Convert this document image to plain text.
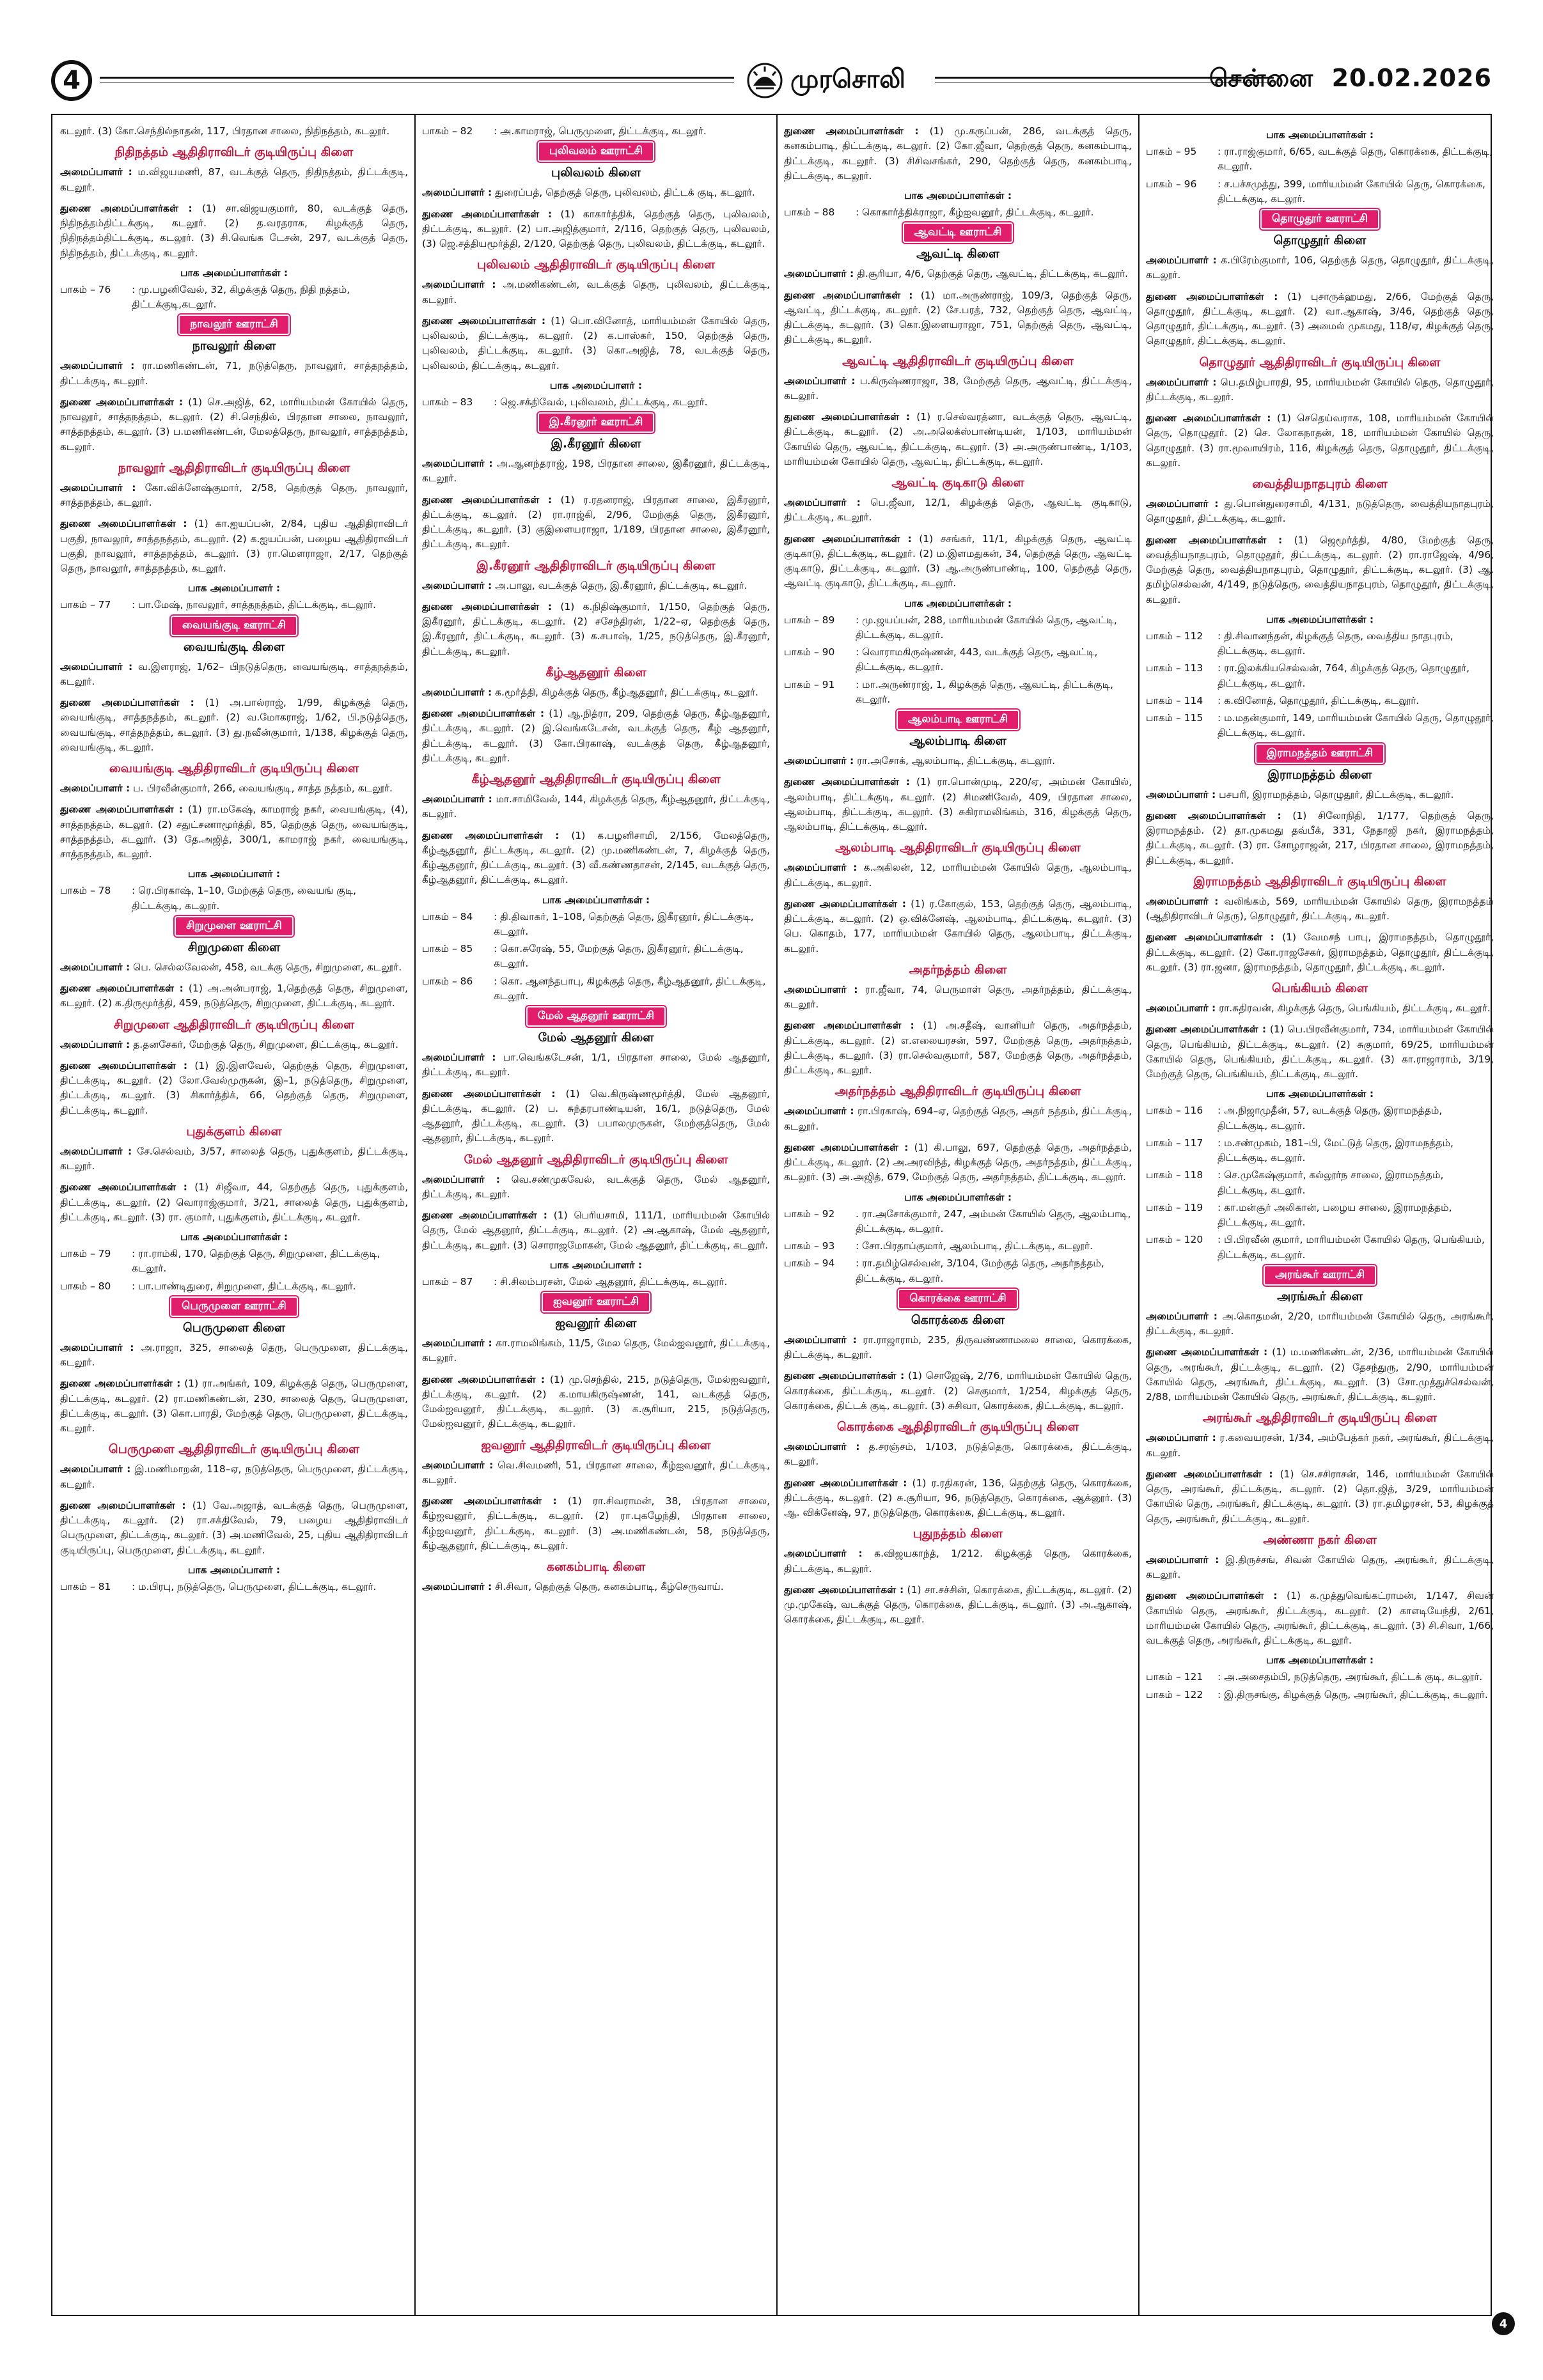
4	முரசொலி	சென்னை 20.02.2026

கடலூர். (3) கோ.செந்தில்நாதன், 117, பிரதான சாலை, நிதிநத்தம், கடலூர்.

நிதிநத்தம் ஆதிதிராவிடர் குடியிருப்பு கிளை

அமைப்பாளர் : ம.விஜயமணி, 87, வடக்குத் தெரு, நிதிநத்தம், திட்டக்குடி, கடலூர்.

துணை அமைப்பாளர்கள் : (1) சா.விஜயகுமார், 80, வடக்குத் தெரு, நிதிநத்தம்திட்டக்குடி, கடலூர். (2) த.வரதராசு, கிழக்குத் தெரு, நிதிநத்தம்திட்டக்குடி, கடலூர். (3) சி.வெங்க டேசன், 297, வடக்குத் தெரு, நிதிநத்தம், திட்டக்குடி, கடலூர்.

பாக அமைப்பாளர்கள் :
பாகம் – 76	: மு.பழனிவேல், 32, கிழக்குத் தெரு, நிதி நத்தம், திட்டக்குடி,கடலூர்.
நாவலூர் ஊராட்சி
நாவலூர் கிளை

அமைப்பாளர் : ரா.மணிகண்டன், 71, நடுத்தெரு, நாவலூர், சாத்தநத்தம், திட்டக்குடி, கடலூர்.

துணை அமைப்பாளர்கள் : (1) செ.அஜித், 62, மாரியம்மன் கோயில் தெரு, நாவலூர், சாத்தநத்தம், கடலூர். (2) சி.செந்தில், பிரதான சாலை, நாவலூர், சாத்தநத்தம், கடலூர். (3) ப.மணிகண்டன், மேலத்தெரு, நாவலூர், சாத்தநத்தம், கடலூர்.

நாவலூர் ஆதிதிராவிடர் குடியிருப்பு கிளை

அமைப்பாளர் : கோ.விக்னேஷ்குமார், 2/58, தெற்குத் தெரு, நாவலூர், சாத்தநத்தம், கடலூர்.

துணை அமைப்பாளர்கள் : (1) கா.ஐயப்பன், 2/84, புதிய ஆதிதிராவிடர் பகுதி, நாவலூர், சாத்தநத்தம், கடலூர். (2) க.ஐயப்பன், பழைய ஆதிதிராவிடர் பகுதி, நாவலூர், சாத்தநத்தம், கடலூர். (3) ரா.மௌராஜா, 2/17, தெற்குத் தெரு, நாவலூர், சாத்தநத்தம், கடலூர்.

பாக அமைப்பாளர் :
பாகம் – 77	: பா.மேஷ், நாவலூர், சாத்தநத்தம், திட்டக்குடி, கடலூர்.
வையங்குடி ஊராட்சி
வையங்குடி கிளை

அமைப்பாளர் : வ.இளராஜ், 1/62– பிநடுத்தெரு, வையங்குடி, சாத்தநத்தம், கடலூர்.

துணை அமைப்பாளர்கள் : (1) அ.பால்ராஜ், 1/99, கிழக்குத் தெரு, வையங்குடி, சாத்தநத்தம், கடலூர். (2) வ.மோகராஜ், 1/62, பி.நடுத்தெரு, வையங்குடி, சாத்தநத்தம், கடலூர். (3) து.நவீன்குமார், 1/138, கிழக்குத் தெரு, வையங்குடி, கடலூர்.

வையங்குடி ஆதிதிராவிடர் குடியிருப்பு கிளை

அமைப்பாளர் : ப. பிரவீன்குமார், 266, வையங்குடி, சாத்த நத்தம், கடலூர்.

துணை அமைப்பாளர்கள் : (1) ரா.மகேஷ், காமராஜ் நகர், வையங்குடி, (4), சாத்தநத்தம், கடலூர். (2) சதுட்சணாமூர்த்தி, 85, தெற்குத் தெரு, வையங்குடி, சாத்தநத்தம், கடலூர். (3) தே.அஜித், 300/1, காமராஜ் நகர், வையங்குடி, சாத்தநத்தம், கடலூர்.

பாக அமைப்பாளர் :
பாகம் – 78	: ரெ.பிரகாஷ், 1–10, மேற்குத் தெரு, வையங் குடி, திட்டக்குடி, கடலூர்.
சிறுமுளை ஊராட்சி
சிறுமுளை கிளை

அமைப்பாளர் : பெ. செல்லவேலன், 458, வடக்கு தெரு, சிறுமுளை, கடலூர்.

துணை அமைப்பாளர்கள் : (1) அ.அன்பராஜ், 1,தெற்குத் தெரு, சிறுமுளை, கடலூர். (2) க.திருமூர்த்தி, 459, நடுத்தெரு, சிறுமுளை, திட்டக்குடி, கடலூர்.

சிறுமுளை ஆதிதிராவிடர் குடியிருப்பு கிளை

அமைப்பாளர் : த.தனசேகர், மேற்குத் தெரு, சிறுமுளை, திட்டக்குடி, கடலூர்.

துணை அமைப்பாளர்கள் : (1) இ.இளவேல், தெற்குத் தெரு, சிறுமுளை, திட்டக்குடி, கடலூர். (2) லோ.வேல்முருகன், இ–1, நடுத்தெரு, சிறுமுளை, திட்டக்குடி, கடலூர். (3) சிகார்த்திக், 66, தெற்குத் தெரு, சிறுமுளை, திட்டக்குடி, கடலூர்.

புதுக்குளம் கிளை

அமைப்பாளர் : சே.செல்வம், 3/57, சாலைத் தெரு, புதுக்குளம், திட்டக்குடி, கடலூர்.

துணை அமைப்பாளர்கள் : (1) சிஜீவா, 44, தெற்குத் தெரு, புதுக்குளம், திட்டக்குடி, கடலூர். (2) வொராஜ்குமார், 3/21, சாலைத் தெரு, புதுக்குளம், திட்டக்குடி, கடலூர். (3) ரா. குமார், புதுக்குளம், திட்டக்குடி, கடலூர்.

பாக அமைப்பாளர்கள் :
பாகம் – 79	: ரா.ராம்கி, 170, தெற்குத் தெரு, சிறுமுளை, திட்டக்குடி, கடலூர்.
பாகம் – 80	: பா.பாண்டிதுரை, சிறுமுளை, திட்டக்குடி, கடலூர்.
பெருமுளை ஊராட்சி
பெருமுளை கிளை

அமைப்பாளர் : அ.ராஜா, 325, சாலைத் தெரு, பெருமுளை, திட்டக்குடி, கடலூர்.

துணை அமைப்பாளர்கள் : (1) ரா.அங்கர், 109, கிழக்குத் தெரு, பெருமுளை, திட்டக்குடி, கடலூர். (2) ரா.மணிகண்டன், 230, சாலைத் தெரு, பெருமுளை, திட்டக்குடி, கடலூர். (3) கொ.பாரதி, மேற்குத் தெரு, பெருமுளை, திட்டக்குடி, கடலூர்.

பெருமுளை ஆதிதிராவிடர் குடியிருப்பு கிளை

அமைப்பாளர் : இ.மணிமாறன், 118–ஏ, நடுத்தெரு, பெருமுளை, திட்டக்குடி, கடலூர்.

துணை அமைப்பாளர்கள் : (1) வே.அஜாத், வடக்குத் தெரு, பெருமுளை, திட்டக்குடி, கடலூர். (2) ரா.சக்திவேல், 79, பழைய ஆதிதிராவிடர் பெருமுளை, திட்டக்குடி, கடலூர். (3) அ.மணிவேல், 25, புதிய ஆதிதிராவிடர் குடியிருப்பு, பெருமுளை, திட்டக்குடி, கடலூர்.

பாக அமைப்பாளர் :
பாகம் – 81	: ம.பிரபு, நடுத்தெரு, பெருமுளை, திட்டக்குடி, கடலூர்.
பாகம் – 82	: அ.காமராஜ், பெருமுளை, திட்டக்குடி, கடலூர்.
புலிவலம் ஊராட்சி
புலிவலம் கிளை

அமைப்பாளர் : துரைப்பத், தெற்குத் தெரு, புலிவலம், திட்டக் குடி, கடலூர்.

துணை அமைப்பாளர்கள் : (1) காகார்த்திக், தெற்குத் தெரு, புலிவலம், திட்டக்குடி, கடலூர். (2) பா.அஜித்குமார், 2/116, தெற்குத் தெரு, புலிவலம், (3) ஜெ.சத்தியமூர்த்தி, 2/120, தெற்குத் தெரு, புலிவலம், திட்டக்குடி, கடலூர்.

புலிவலம் ஆதிதிராவிடர் குடியிருப்பு கிளை

அமைப்பாளர் : அ.மணிகண்டன், வடக்குத் தெரு, புலிவலம், திட்டக்குடி, கடலூர்.

துணை அமைப்பாளர்கள் : (1) பொ.வினோத், மாரியம்மன் கோயில் தெரு, புலிவலம், திட்டக்குடி, கடலூர். (2) க.பாஸ்கர், 150, தெற்குத் தெரு, புலிவலம், திட்டக்குடி, கடலூர். (3) கொ.அஜித், 78, வடக்குத் தெரு, புலிவலம், திட்டக்குடி, கடலூர்.

பாக அமைப்பாளர் :
பாகம் – 83	: ஜெ.சக்திவேல், புலிவலம், திட்டக்குடி, கடலூர்.
இ.கீரனூர் ஊராட்சி
இ.கீரனூர் கிளை

அமைப்பாளர் : அ.ஆனந்தராஜ், 198, பிரதான சாலை, இகீரனூர், திட்டக்குடி, கடலூர்.

துணை அமைப்பாளர்கள் : (1) ர.ரதனராஜ், பிரதான சாலை, இகீரனூர், திட்டக்குடி, கடலூர். (2) ரா.ராஜ்கி, 2/96, மேற்குத் தெரு, இகீரனூர், திட்டக்குடி, கடலூர். (3) குஇளையராஜா, 1/189, பிரதான சாலை, இகீரனூர், திட்டக்குடி, கடலூர்.

இ.கீரனூர் ஆதிதிராவிடர் குடியிருப்பு கிளை

அமைப்பாளர் : அ.பாலு, வடக்குத் தெரு, இ.கீரனூர், திட்டக்குடி, கடலூர்.

துணை அமைப்பாளர்கள் : (1) க.நிதிஷ்குமார், 1/150, தெற்குத் தெரு, இகீரனூர், திட்டக்குடி, கடலூர். (2) சசேந்திரன், 1/22–ஏ, தெற்குத் தெரு, இ.கீரனூர், திட்டக்குடி, கடலூர். (3) க.சபாஷ், 1/25, நடுத்தெரு, இ.கீரனூர், திட்டக்குடி, கடலூர்.

கீழ்ஆதனூர் கிளை

அமைப்பாளர் : க.மூர்த்தி, கிழக்குத் தெரு, கீழ்ஆதனூர், திட்டக்குடி, கடலூர்.

துணை அமைப்பாளர்கள் : (1) ஆ.நித்ரா, 209, தெற்குத் தெரு, கீழ்ஆதனூர், திட்டக்குடி, கடலூர். (2) இ.வெங்கடேசன், வடக்குத் தெரு, கீழ் ஆதனூர், திட்டக்குடி, கடலூர். (3) கோ.பிரகாஷ், வடக்குத் தெரு, கீழ்ஆதனூர், திட்டக்குடி, கடலூர்.

கீழ்ஆதனூர் ஆதிதிராவிடர் குடியிருப்பு கிளை

அமைப்பாளர் : மா.சாமிவேல், 144, கிழக்குத் தெரு, கீழ்ஆதனூர், திட்டக்குடி, கடலூர்.

துணை அமைப்பாளர்கள் : (1) க.பழனிசாமி, 2/156, மேலத்தெரு, கீழ்ஆதனூர், திட்டக்குடி, கடலூர். (2) மு.மணிகண்டன், 7, கிழக்குத் தெரு, கீழ்ஆதனூர், திட்டக்குடி, கடலூர். (3) வீ.கண்ணதாசன், 2/145, வடக்குத் தெரு, கீழ்ஆதனூர், திட்டக்குடி, கடலூர்.

பாக அமைப்பாளர்கள் :
பாகம் – 84	: தி.திவாகர், 1–108, தெற்குத் தெரு, இகீரனூர், திட்டக்குடி, கடலூர்.
பாகம் – 85	: கொ.சுரேஷ், 55, மேற்குத் தெரு, இகீரனூர், திட்டக்குடி, கடலூர்.
பாகம் – 86	: கொ. ஆனந்தபாபு, கிழக்குத் தெரு, கீழ்ஆதனூர், திட்டக்குடி, கடலூர்.
மேல் ஆதனூர் ஊராட்சி
மேல் ஆதனூர் கிளை

அமைப்பாளர் : பா.வெங்கடேசன், 1/1, பிரதான சாலை, மேல் ஆதனூர், திட்டக்குடி, கடலூர்.

துணை அமைப்பாளர்கள் : (1) வெ.கிருஷ்ணமூர்த்தி, மேல் ஆதனூர், திட்டக்குடி, கடலூர். (2) ப. சுந்தரபாண்டியன், 16/1, நடுத்தெரு, மேல் ஆதனூர், திட்டக்குடி, கடலூர். (3) பபாலமுருகன், மேற்குத்தெரு, மேல் ஆதனூர், திட்டக்குடி, கடலூர்.

மேல் ஆதனூர் ஆதிதிராவிடர் குடியிருப்பு கிளை

அமைப்பாளர் : வெ.சண்முகவேல், வடக்குத் தெரு, மேல் ஆதனூர், திட்டக்குடி, கடலூர்.

துணை அமைப்பாளர்கள் : (1) பெரியசாமி, 111/1, மாரியம்மன் கோயில் தெரு, மேல் ஆதனூர், திட்டக்குடி, கடலூர். (2) அ.ஆகாஷ், மேல் ஆதனூர், திட்டக்குடி, கடலூர். (3) சொராஜமோகன், மேல் ஆதனூர், திட்டக்குடி, கடலூர்.

பாக அமைப்பாளர் :
பாகம் – 87	: சி.சிலம்பரசன், மேல் ஆதனூர், திட்டக்குடி, கடலூர்.
ஐவனூர் ஊராட்சி
ஐவனூர் கிளை

அமைப்பாளர் : கா.ராமலிங்கம், 11/5, மேல தெரு, மேல்ஐவனூர், திட்டக்குடி, கடலூர்.

துணை அமைப்பாளர்கள் : (1) மு.செந்தில், 215, நடுத்தெரு, மேல்ஐவனூர், திட்டக்குடி, கடலூர். (2) க.மாயகிருஷ்ணன், 141, வடக்குத் தெரு, மேல்ஐவனூர், திட்டக்குடி, கடலூர். (3) க.சூரியா, 215, நடுத்தெரு, மேல்ஐவனூர், திட்டக்குடி, கடலூர்.

ஐவனூர் ஆதிதிராவிடர் குடியிருப்பு கிளை

அமைப்பாளர் : வெ.சிவமணி, 51, பிரதான சாலை, கீழ்ஐவனூர், திட்டக்குடி, கடலூர்.

துணை அமைப்பாளர்கள் : (1) ரா.சிவராமன், 38, பிரதான சாலை, கீழ்ஐவனூர், திட்டக்குடி, கடலூர். (2) ரா.புகழேந்தி, பிரதான சாலை, கீழ்ஐவனூர், திட்டக்குடி, கடலூர். (3) அ.மணிகண்டன், 58, நடுத்தெரு, கீழ்ஆதனூர், திட்டக்குடி, கடலூர்.

கனகம்பாடி கிளை

அமைப்பாளர் : சி.சிவா, தெற்குத் தெரு, கனகம்பாடி, கீழ்செருவாய்.

துணை அமைப்பாளர்கள் : (1) மு.கருப்பன், 286, வடக்குத் தெரு, கனகம்பாடி, திட்டக்குடி, கடலூர். (2) கோ.ஜீவா, தெற்குத் தெரு, கனகம்பாடி, திட்டக்குடி, கடலூர். (3) சிசிவசங்கர், 290, தெற்குத் தெரு, கனகம்பாடி, திட்டக்குடி, கடலூர்.

பாக அமைப்பாளர்கள் :
பாகம் – 88	: கொகார்த்திக்ராஜா, கீழ்ஐவனூர், திட்டக்குடி, கடலூர்.
ஆவட்டி ஊராட்சி
ஆவட்டி கிளை

அமைப்பாளர் : தி.சூரியா, 4/6, தெற்குத் தெரு, ஆவட்டி, திட்டக்குடி, கடலூர்.

துணை அமைப்பாளர்கள் : (1) மா.அருண்ராஜ், 109/3, தெற்குத் தெரு, ஆவட்டி, திட்டக்குடி, கடலூர். (2) சே.பரத், 732, தெற்குத் தெரு, ஆவட்டி, திட்டக்குடி, கடலூர். (3) கொ.இளையராஜா, 751, தெற்குத் தெரு, ஆவட்டி, திட்டக்குடி, கடலூர்.

ஆவட்டி ஆதிதிராவிடர் குடியிருப்பு கிளை

அமைப்பாளர் : ப.கிருஷ்ணராஜா, 38, மேற்குத் தெரு, ஆவட்டி, திட்டக்குடி, கடலூர்.

துணை அமைப்பாளர்கள் : (1) ர.செல்வரத்னா, வடக்குத் தெரு, ஆவட்டி, திட்டக்குடி, கடலூர். (2) அ.அலெக்ஸ்பாண்டியன், 1/103, மாரியம்மன் கோயில் தெரு, ஆவட்டி, திட்டக்குடி, கடலூர். (3) அ.அருண்பாண்டி, 1/103, மாரியம்மன் கோயில் தெரு, ஆவட்டி, திட்டக்குடி, கடலூர்.

ஆவட்டி குடிகாடு கிளை

அமைப்பாளர் : பெ.ஜீவா, 12/1, கிழக்குத் தெரு, ஆவட்டி குடிகாடு, திட்டக்குடி, கடலூர்.

துணை அமைப்பாளர்கள் : (1) சசங்கர், 11/1, கிழக்குத் தெரு, ஆவட்டி குடிகாடு, திட்டக்குடி, கடலூர். (2) ம.இளமதுகன், 34, தெற்குத் தெரு, ஆவட்டி குடிகாடு, திட்டக்குடி, கடலூர். (3) ஆ.அருண்பாண்டி, 100, தெற்குத் தெரு, ஆவட்டி குடிகாடு, திட்டக்குடி, கடலூர்.

பாக அமைப்பாளர்கள் :
பாகம் – 89	: மு.ஜயப்பன், 288, மாரியம்மன் கோயில் தெரு, ஆவட்டி, திட்டக்குடி, கடலூர்.
பாகம் – 90	: வொராமகிருஷ்ணன், 443, வடக்குத் தெரு, ஆவட்டி, திட்டக்குடி, கடலூர்.
பாகம் – 91	: மா.அருண்ராஜ், 1, கிழக்குத் தெரு, ஆவட்டி, திட்டக்குடி, கடலூர்.
ஆலம்பாடி ஊராட்சி
ஆலம்பாடி கிளை

அமைப்பாளர் : ரா.அசோக், ஆலம்பாடி, திட்டக்குடி, கடலூர்.

துணை அமைப்பாளர்கள் : (1) ரா.பொன்முடி, 220/ஏ, அம்மன் கோயில், ஆலம்பாடி, திட்டக்குடி, கடலூர். (2) சிமணிவேல், 409, பிரதான சாலை, ஆலம்பாடி, திட்டக்குடி, கடலூர். (3) சுகிராமலிங்கம், 316, கிழக்குத் தெரு, ஆலம்பாடி, திட்டக்குடி, கடலூர்.

ஆலம்பாடி ஆதிதிராவிடர் குடியிருப்பு கிளை

அமைப்பாளர் : க.அகிலன், 12, மாரியம்மன் கோயில் தெரு, ஆலம்பாடி, திட்டக்குடி, கடலூர்.

துணை அமைப்பாளர்கள் : (1) ர.கோகுல், 153, தெற்குத் தெரு, ஆலம்பாடி, திட்டக்குடி, கடலூர். (2) ஒ.விக்னேஷ், ஆலம்பாடி, திட்டக்குடி, கடலூர். (3) பெ. கொதம், 177, மாரியம்மன் கோயில் தெரு, ஆலம்பாடி, திட்டக்குடி, கடலூர்.

அதர்நத்தம் கிளை

அமைப்பாளர் : ரா.ஜீவா, 74, பெருமாள் தெரு, அதர்நத்தம், திட்டக்குடி, கடலூர்.

துணை அமைப்பாளர்கள் : (1) அ.சதீஷ், வானியர் தெரு, அதர்நத்தம், திட்டக்குடி, கடலூர். (2) எ.எலையரசன், 597, மேற்குத் தெரு, அதர்நத்தம், திட்டக்குடி, கடலூர். (3) ரா.செல்வகுமார், 587, மேற்குத் தெரு, அதர்நத்தம், திட்டக்குடி, கடலூர்.

அதர்நத்தம் ஆதிதிராவிடர் குடியிருப்பு கிளை

அமைப்பாளர் : ரா.பிரகாஷ், 694–ஏ, தெற்குத் தெரு, அதர் நத்தம், திட்டக்குடி, கடலூர்.

துணை அமைப்பாளர்கள் : (1) கி.பாலு, 697, தெற்குத் தெரு, அதர்நத்தம், திட்டக்குடி, கடலூர். (2) அ.அரவிந்த், கிழக்குத் தெரு, அதர்நத்தம், திட்டக்குடி, கடலூர். (3) அ.அஜித், 679, மேற்குத் தெரு, அதர்நத்தம், திட்டக்குடி, கடலூர்.

பாக அமைப்பாளர்கள் :
பாகம் – 92	. ரா.அசோக்குமார், 247, அம்மன் கோயில் தெரு, ஆலம்பாடி, திட்டக்குடி, கடலூர்.
பாகம் – 93	: சோ.பிரதாப்குமார், ஆலம்பாடி, திட்டக்குடி, கடலூர்.
பாகம் – 94	: ரா.தமிழ்செல்வன், 3/104, மேற்குத் தெரு, அதர்நத்தம், திட்டக்குடி, கடலூர்.
கொரக்கை ஊராட்சி
கொரக்கை கிளை

அமைப்பாளர் : ரா.ராஜாராம், 235, திருவண்ணாமலை சாலை, கொரக்கை, திட்டக்குடி, கடலூர்.

துணை அமைப்பாளர்கள் : (1) சொஜேஷ், 2/76, மாரியம்மன் கோயில் தெரு, கொரக்கை, திட்டக்குடி, கடலூர். (2) செகுமார், 1/254, கிழக்குத் தெரு, கொரக்கை, திட்டக் குடி, கடலூர். (3) சுசிவா, கொரக்கை, திட்டக்குடி, கடலூர்.

கொரக்கை ஆதிதிராவிடர் குடியிருப்பு கிளை

அமைப்பாளர் : த.சரஞ்சம், 1/103, நடுத்தெரு, கொரக்கை, திட்டக்குடி, கடலூர்.

துணை அமைப்பாளர்கள் : (1) ர.ரதிகரன், 136, தெற்குத் தெரு, கொரக்கை, திட்டக்குடி, கடலூர். (2) சு.சூரியா, 96, நடுத்தெரு, கொரக்கை, ஆக்னூர். (3) ஆ. விக்னேஷ், 97, நடுத்தெரு, கொரக்கை, திட்டக்குடி, கடலூர்.

புதுநத்தம் கிளை

அமைப்பாளர் : க.விஜயகாந்த், 1/212. கிழக்குத் தெரு, கொரக்கை, திட்டக்குடி, கடலூர்.

துணை அமைப்பாளர்கள் : (1) சா.சச்சின், கொரக்கை, திட்டக்குடி, கடலூர். (2) மு.முகேஷ், வடக்குத் தெரு, கொரக்கை, திட்டக்குடி, கடலூர். (3) அ.ஆகாஷ், கொரக்கை, திட்டக்குடி, கடலூர்.

பாக அமைப்பாளர்கள் :
பாகம் – 95	: ரா.ராஜ்குமார், 6/65, வடக்குத் தெரு, கொரக்கை, திட்டக்குடி, கடலூர்.
பாகம் – 96	: ச.பச்சமுத்து, 399, மாரியம்மன் கோயில் தெரு, கொரக்கை, திட்டக்குடி, கடலூர்.
தொழுதூர் ஊராட்சி
தொழுதூர் கிளை

அமைப்பாளர் : க.பிரேம்குமார், 106, தெற்குத் தெரு, தொழுதூர், திட்டக்குடி, கடலூர்.

துணை அமைப்பாளர்கள் : (1) புசாருக்ஹமது, 2/66, மேற்குத் தெரு, தொழுதூர், திட்டக்குடி, கடலூர். (2) வா.ஆகாஷ், 3/46, தெற்குத் தெரு, தொழுதூர், திட்டக்குடி, கடலூர். (3) அமைல் முகமது, 118/ஏ, கிழக்குத் தெரு, தொழுதூர், திட்டக்குடி, கடலூர்.

தொழுதூர் ஆதிதிராவிடர் குடியிருப்பு கிளை

அமைப்பாளர் : பெ.தமிழ்பாரதி, 95, மாரியம்மன் கோயில் தெரு, தொழுதூர், திட்டக்குடி, கடலூர்.

துணை அமைப்பாளர்கள் : (1) செதெய்வராக, 108, மாரியம்மன் கோயில் தெரு, தொழுதூர். (2) செ. லோகநாதன், 18, மாரியம்மன் கோயில் தெரு, தொழுதூர். (3) ரா.மூவாயிரம், 116, கிழக்குத் தெரு, தொழுதூர், திட்டக்குடி, கடலூர்.

வைத்தியநாதபுரம் கிளை

அமைப்பாளர் : து.பொன்துரைசாமி, 4/131, நடுத்தெரு, வைத்தியநாதபுரம், தொழுதூர், திட்டக்குடி, கடலூர்.

துணை அமைப்பாளர்கள் : (1) ஜெமூர்த்தி, 4/80, மேற்குத் தெரு, வைத்தியநாதபுரம், தொழுதூர், திட்டக்குடி, கடலூர். (2) ரா.ராஜேஷ், 4/96, மேற்குத் தெரு, வைத்தியநாதபுரம், தொழுதூர், திட்டக்குடி, கடலூர். (3) ஆ. தமிழ்செல்வன், 4/149, நடுத்தெரு, வைத்தியநாதபுரம், தொழுதூர், திட்டக்குடி, கடலூர்.

பாக அமைப்பாளர்கள் :
பாகம் – 112	: தி.சிவானந்தன், கிழக்குத் தெரு, வைத்திய நாதபுரம், திட்டக்குடி, கடலூர்.
பாகம் – 113	: ரா.இலக்கியசெல்வன், 764, கிழக்குத் தெரு, தொழுதூர், திட்டக்குடி, கடலூர்.
பாகம் – 114	: க.வினோத், தொழுதூர், திட்டக்குடி, கடலூர்.
பாகம் – 115	: ம.மதன்குமார், 149, மாரியம்மன் கோயில் தெரு, தொழுதூர், திட்டக்குடி, கடலூர்.
இராமநத்தம் ஊராட்சி
இராமநத்தம் கிளை

அமைப்பாளர் : பசபரி, இராமநத்தம், தொழுதூர், திட்டக்குடி, கடலூர்.

துணை அமைப்பாளர்கள் : (1) சிலோநிதி, 1/177, தெற்குத் தெரு, இராமநத்தம். (2) தா.முகமது தவ்பீக், 331, நேதாஜி நகர், இராமநத்தம், திட்டக்குடி, கடலூர். (3) ரா. சோழராஜன், 217, பிரதான சாலை, இராமநத்தம், திட்டக்குடி, கடலூர்.

இராமநத்தம் ஆதிதிராவிடர் குடியிருப்பு கிளை

அமைப்பாளர் : வலிங்கம், 569, மாரியம்மன் கோயில் தெரு, இராமநத்தம் (ஆதிதிராவிடர் தெரு), தொழுதூர், திட்டக்குடி, கடலூர்.

துணை அமைப்பாளர்கள் : (1) வேமசந் பாபு, இராமநத்தம், தொழுதூர், திட்டக்குடி, கடலூர். (2) கோ.ராஜசேகர், இராமநத்தம், தொழுதூர், திட்டக்குடி, கடலூர். (3) ரா.ஜனா, இராமநத்தம், தொழுதூர், திட்டக்குடி, கடலூர்.

பெங்கியம் கிளை

அமைப்பாளர் : ரா.சுதிரவன், கிழக்குத் தெரு, பெங்கியம், திட்டக்குடி, கடலூர்.

துணை அமைப்பாளர்கள் : (1) பெ.பிரவீன்குமார், 734, மாரியம்மன் கோயில் தெரு, பெங்கியம், திட்டக்குடி, கடலூர். (2) சுகுமார், 69/25, மாரியம்மன் கோயில் தெரு, பெங்கியம், திட்டக்குடி, கடலூர். (3) கா.ராஜாராம், 3/19, மேற்குத் தெரு, பெங்கியம், திட்டக்குடி, கடலூர்.

பாக அமைப்பாளர்கள் :
பாகம் – 116	: அ.நிஜாமுதீன், 57, வடக்குத் தெரு, இராமநத்தம், திட்டக்குடி, கடலூர்.
பாகம் – 117	: ம.சண்முகம், 181–பி, மேட்டுத் தெரு, இராமநத்தம், திட்டக்குடி, கடலூர்.
பாகம் – 118	: செ.முகேஷ்குமார், கல்லூர்ந சாலை, இராமநத்தம், திட்டக்குடி, கடலூர்.
பாகம் – 119	: கா.மன்சூர் அலிகான், பழைய சாலை, இராமநத்தம், திட்டக்குடி, கடலூர்.
பாகம் – 120	: பி.பிரவீன் குமார், மாரியம்மன் கோயில் தெரு, பெங்கியம், திட்டக்குடி, கடலூர்.
அரங்கூர் ஊராட்சி
அரங்கூர் கிளை

அமைப்பாளர் : அ.கொதமன், 2/20, மாரியம்மன் கோயில் தெரு, அரங்கூர், திட்டக்குடி, கடலூர்.

துணை அமைப்பாளர்கள் : (1) ம.மணிகண்டன், 2/36, மாரியம்மன் கோயில் தெரு, அரங்கூர், திட்டக்குடி, கடலூர். (2) தேசந்துரு, 2/90, மாரியம்மன் கோயில் தெரு, அரங்கூர், திட்டக்குடி, கடலூர். (3) சோ.முத்துச்செல்வன், 2/88, மாரியம்மன் கோயில் தெரு, அரங்கூர், திட்டக்குடி, கடலூர்.

அரங்கூர் ஆதிதிராவிடர் குடியிருப்பு கிளை

அமைப்பாளர் : ர.கவையரசன், 1/34, அம்பேத்கர் நகர், அரங்கூர், திட்டக்குடி, கடலூர்.

துணை அமைப்பாளர்கள் : (1) செ.சசிராசன், 146, மாரியம்மன் கோயில் தெரு, அரங்கூர், திட்டக்குடி, கடலூர். (2) தொ.ஜித், 3/29, மாரியம்மன் கோயில் தெரு, அரங்கூர், திட்டக்குடி, கடலூர். (3) ரா.தமிழரசன், 53, கிழக்குத் தெரு, அரங்கூர், திட்டக்குடி, கடலூர்.

அண்ணா நகர் கிளை

அமைப்பாளர் : இ.திருச்சங், சிவன் கோயில் தெரு, அரங்கூர், திட்டக்குடி, கடலூர்.

துணை அமைப்பாளர்கள் : (1) க.முத்துவெங்கட்ராமன், 1/147, சிவன் கோயில் தெரு, அரங்கூர், திட்டக்குடி, கடலூர். (2) காஎடியேந்தி, 2/61, மாரியம்மன் கோயில் தெரு, அரங்கூர், திட்டக்குடி, கடலூர். (3) சி.சிவா, 1/66, வடக்குத் தெரு, அரங்கூர், திட்டக்குடி, கடலூர்.

பாக அமைப்பாளர்கள் :
பாகம் – 121	: அ.அசைதம்பி, நடுத்தெரு, அரங்கூர், திட்டக் குடி, கடலூர்.
பாகம் – 122	: இ.திருசங்கு, கிழக்குத் தெரு, அரங்கூர், திட்டக்குடி, கடலூர்.
4
